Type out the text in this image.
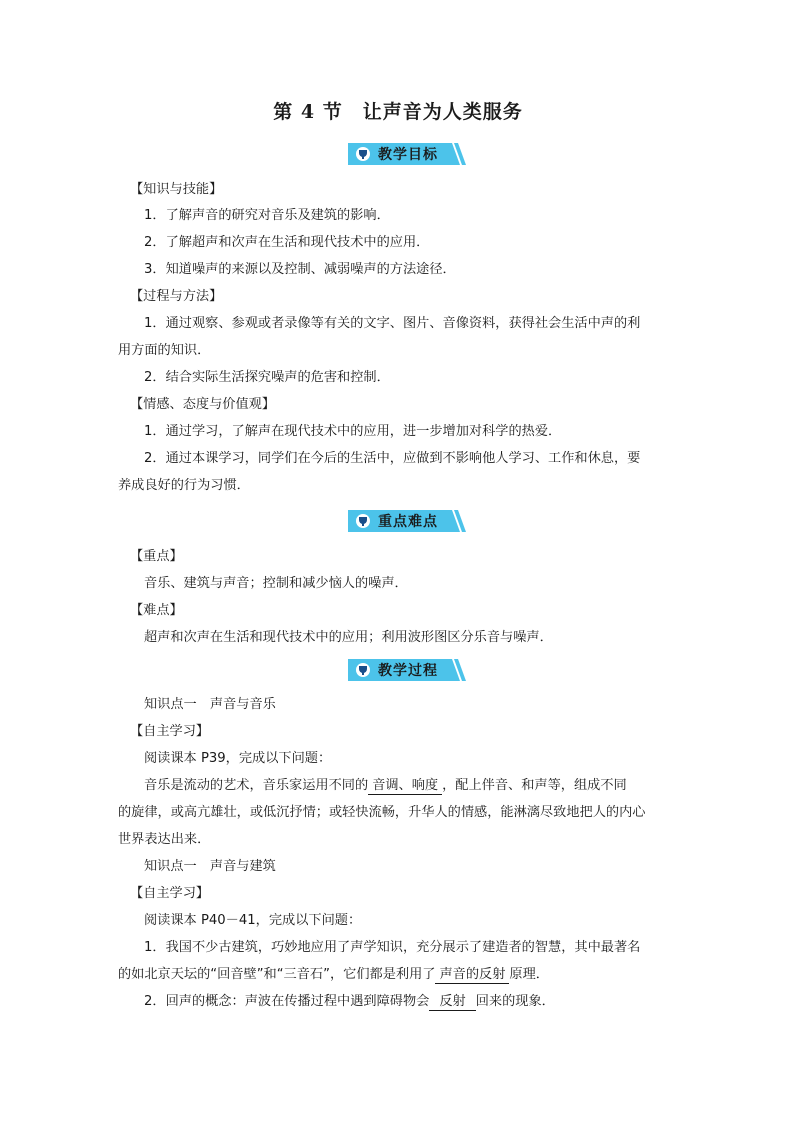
第 4 节　让声音为人类服务
教学目标
【知识与技能】
1．了解声音的研究对音乐及建筑的影响．
2．了解超声和次声在生活和现代技术中的应用．
3．知道噪声的来源以及控制、减弱噪声的方法途径．
【过程与方法】
1．通过观察、参观或者录像等有关的文字、图片、音像资料，获得社会生活中声的利
用方面的知识．
2．结合实际生活探究噪声的危害和控制．
【情感、态度与价值观】
1．通过学习，了解声在现代技术中的应用，进一步增加对科学的热爱．
2．通过本课学习，同学们在今后的生活中，应做到不影响他人学习、工作和休息，要
养成良好的行为习惯．
重点难点
【重点】
音乐、建筑与声音；控制和减少恼人的噪声．
【难点】
超声和次声在生活和现代技术中的应用；利用波形图区分乐音与噪声．
教学过程
知识点一　声音与音乐
【自主学习】
阅读课本 P39，完成以下问题：
音乐是流动的艺术，音乐家运用不同的 音调、响度 ，配上伴音、和声等，组成不同
的旋律，或高亢雄壮，或低沉抒情；或轻快流畅，升华人的情感，能淋漓尽致地把人的内心
世界表达出来．
知识点一　声音与建筑
【自主学习】
阅读课本 P40－41，完成以下问题：
1．我国不少古建筑，巧妙地应用了声学知识，充分展示了建造者的智慧，其中最著名
的如北京天坛的“回音壁”和“三音石”，它们都是利用了 声音的反射 原理．
2．回声的概念：声波在传播过程中遇到障碍物会 反射 回来的现象．
